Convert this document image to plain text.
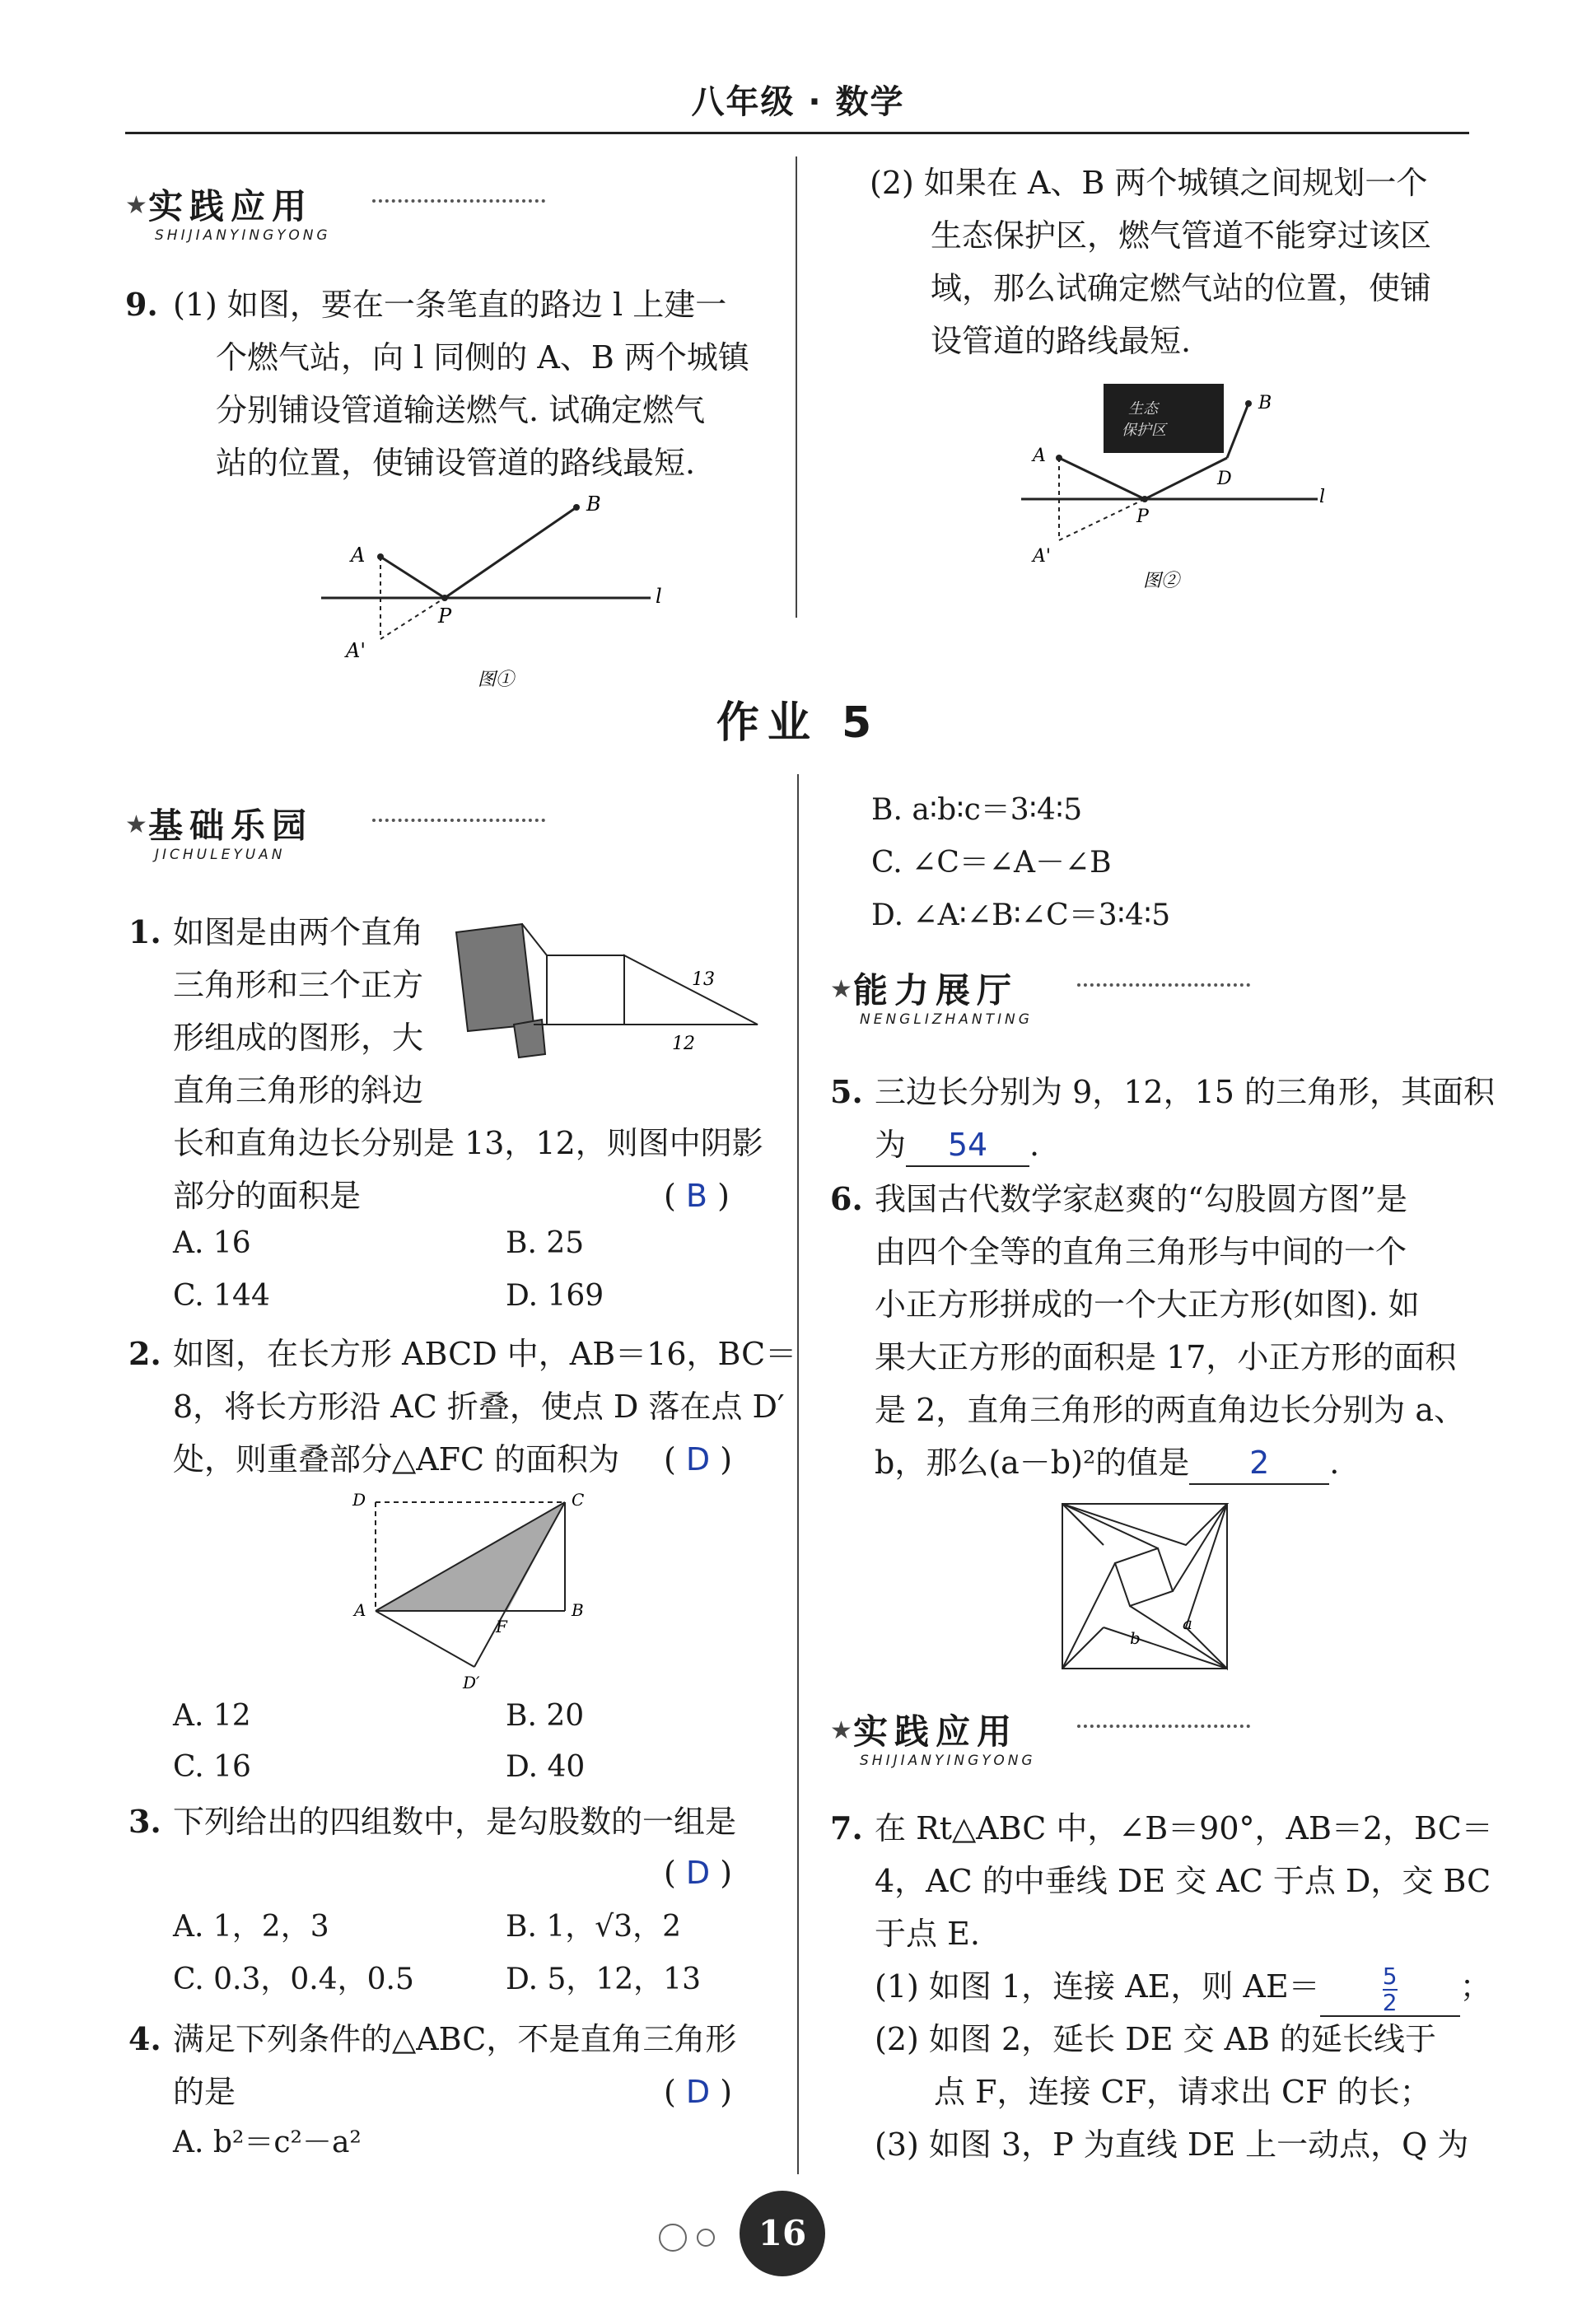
八年级 · 数学
★ 实践应用
SHIJIANYINGYONG
9. (1) 如图，要在一条笔直的路边 l 上建一
个燃气站，向 l 同侧的 A、B 两个城镇
分别铺设管道输送燃气. 试确定燃气
站的位置，使铺设管道的路线最短.
A
B
P
A'
l
图①
(2) 如果在 A、B 两个城镇之间规划一个
生态保护区，燃气管道不能穿过该区
域，那么试确定燃气站的位置，使铺
设管道的路线最短.
生态
保护区
A
B
P
D
A'
l
图②
作业 5
★ 基础乐园
JICHULEYUAN
1. 如图是由两个直角
三角形和三个正方
形组成的图形，大
直角三角形的斜边
长和直角边长分别是 13，12，则图中阴影
部分的面积是	( B )
13
12
A. 16	B. 25
C. 144	D. 169
2. 如图，在长方形 ABCD 中，AB＝16，BC＝
8，将长方形沿 AC 折叠，使点 D 落在点 D′
处，则重叠部分△AFC 的面积为 ( D )
D	C
A
F
B
D′
A. 12	B. 20
C. 16	D. 40
3. 下列给出的四组数中，是勾股数的一组是
( D )
A. 1，2，3	B. 1，√3，2
C. 0.3，0.4，0.5	D. 5，12，13
4. 满足下列条件的△ABC，不是直角三角形
的是	( D )
A. b²＝c²－a²
B. a∶b∶c＝3∶4∶5
C. ∠C＝∠A－∠B
D. ∠A∶∠B∶∠C＝3∶4∶5
★ 能力展厅
NENGLIZHANTING
5. 三边长分别为 9，12，15 的三角形，其面积
为 54 .
6. 我国古代数学家赵爽的“勾股圆方图”是
由四个全等的直角三角形与中间的一个
小正方形拼成的一个大正方形(如图). 如
果大正方形的面积是 17，小正方形的面积
是 2，直角三角形的两直角边长分别为 a、
b，那么(a－b)²的值是 2 .
b
a
★ 实践应用
SHIJIANYINGYONG
7. 在 Rt△ABC 中，∠B＝90°，AB＝2，BC＝
4，AC 的中垂线 DE 交 AC 于点 D，交 BC
于点 E.
(1) 如图 1，连接 AE，则 AE＝	$\frac{5}{2}$ ；
(2) 如图 2，延长 DE 交 AB 的延长线于
点 F，连接 CF，请求出 CF 的长；
(3) 如图 3，P 为直线 DE 上一动点，Q 为
16
